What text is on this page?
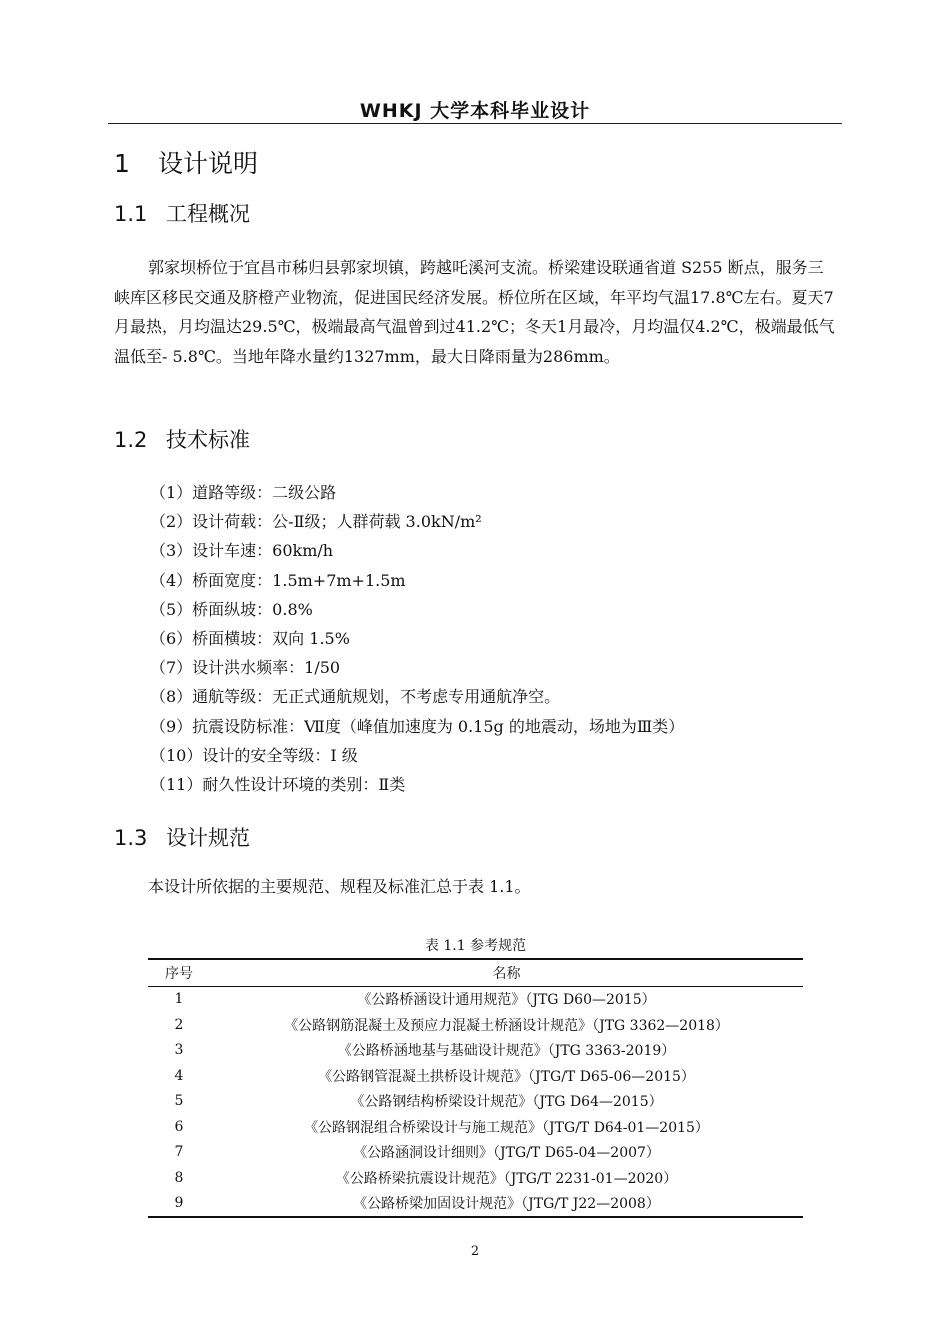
WHKJ 大学本科毕业设计
1 设计说明
1.1 工程概况
郭家坝桥位于宜昌市秭归县郭家坝镇，跨越吒溪河支流。桥梁建设联通省道 S255 断点，服务三峡库区移民交通及脐橙产业物流，促进国民经济发展。桥位所在区域，年平均气温17.8℃左右。夏天7月最热，月均温达29.5℃，极端最高气温曾到过41.2℃；冬天1月最冷，月均温仅4.2℃，极端最低气温低至- 5.8℃。当地年降水量约1327mm，最大日降雨量为286mm。
1.2 技术标准
（1）道路等级：二级公路
（2）设计荷载：公-Ⅱ级；人群荷载 3.0kN/m²
（3）设计车速：60km/h
（4）桥面宽度：1.5m+7m+1.5m
（5）桥面纵坡：0.8%
（6）桥面横坡：双向 1.5%
（7）设计洪水频率：1/50
（8）通航等级：无正式通航规划，不考虑专用通航净空。
（9）抗震设防标准：Ⅶ度（峰值加速度为 0.15g 的地震动，场地为Ⅲ类）
（10）设计的安全等级：I 级
（11）耐久性设计环境的类别：Ⅱ类
1.3 设计规范
本设计所依据的主要规范、规程及标准汇总于表 1.1。
表 1.1 参考规范
序号	名称
1	《公路桥涵设计通用规范》（JTG D60—2015）
2	《公路钢筋混凝土及预应力混凝土桥涵设计规范》（JTG 3362—2018）
3	《公路桥涵地基与基础设计规范》（JTG 3363-2019）
4	《公路钢管混凝土拱桥设计规范》（JTG/T D65-06—2015）
5	《公路钢结构桥梁设计规范》（JTG D64—2015）
6	《公路钢混组合桥梁设计与施工规范》（JTG/T D64-01—2015）
7	《公路涵洞设计细则》（JTG/T D65-04—2007）
8	《公路桥梁抗震设计规范》（JTG/T 2231-01—2020）
9	《公路桥梁加固设计规范》（JTG/T J22—2008）
2
